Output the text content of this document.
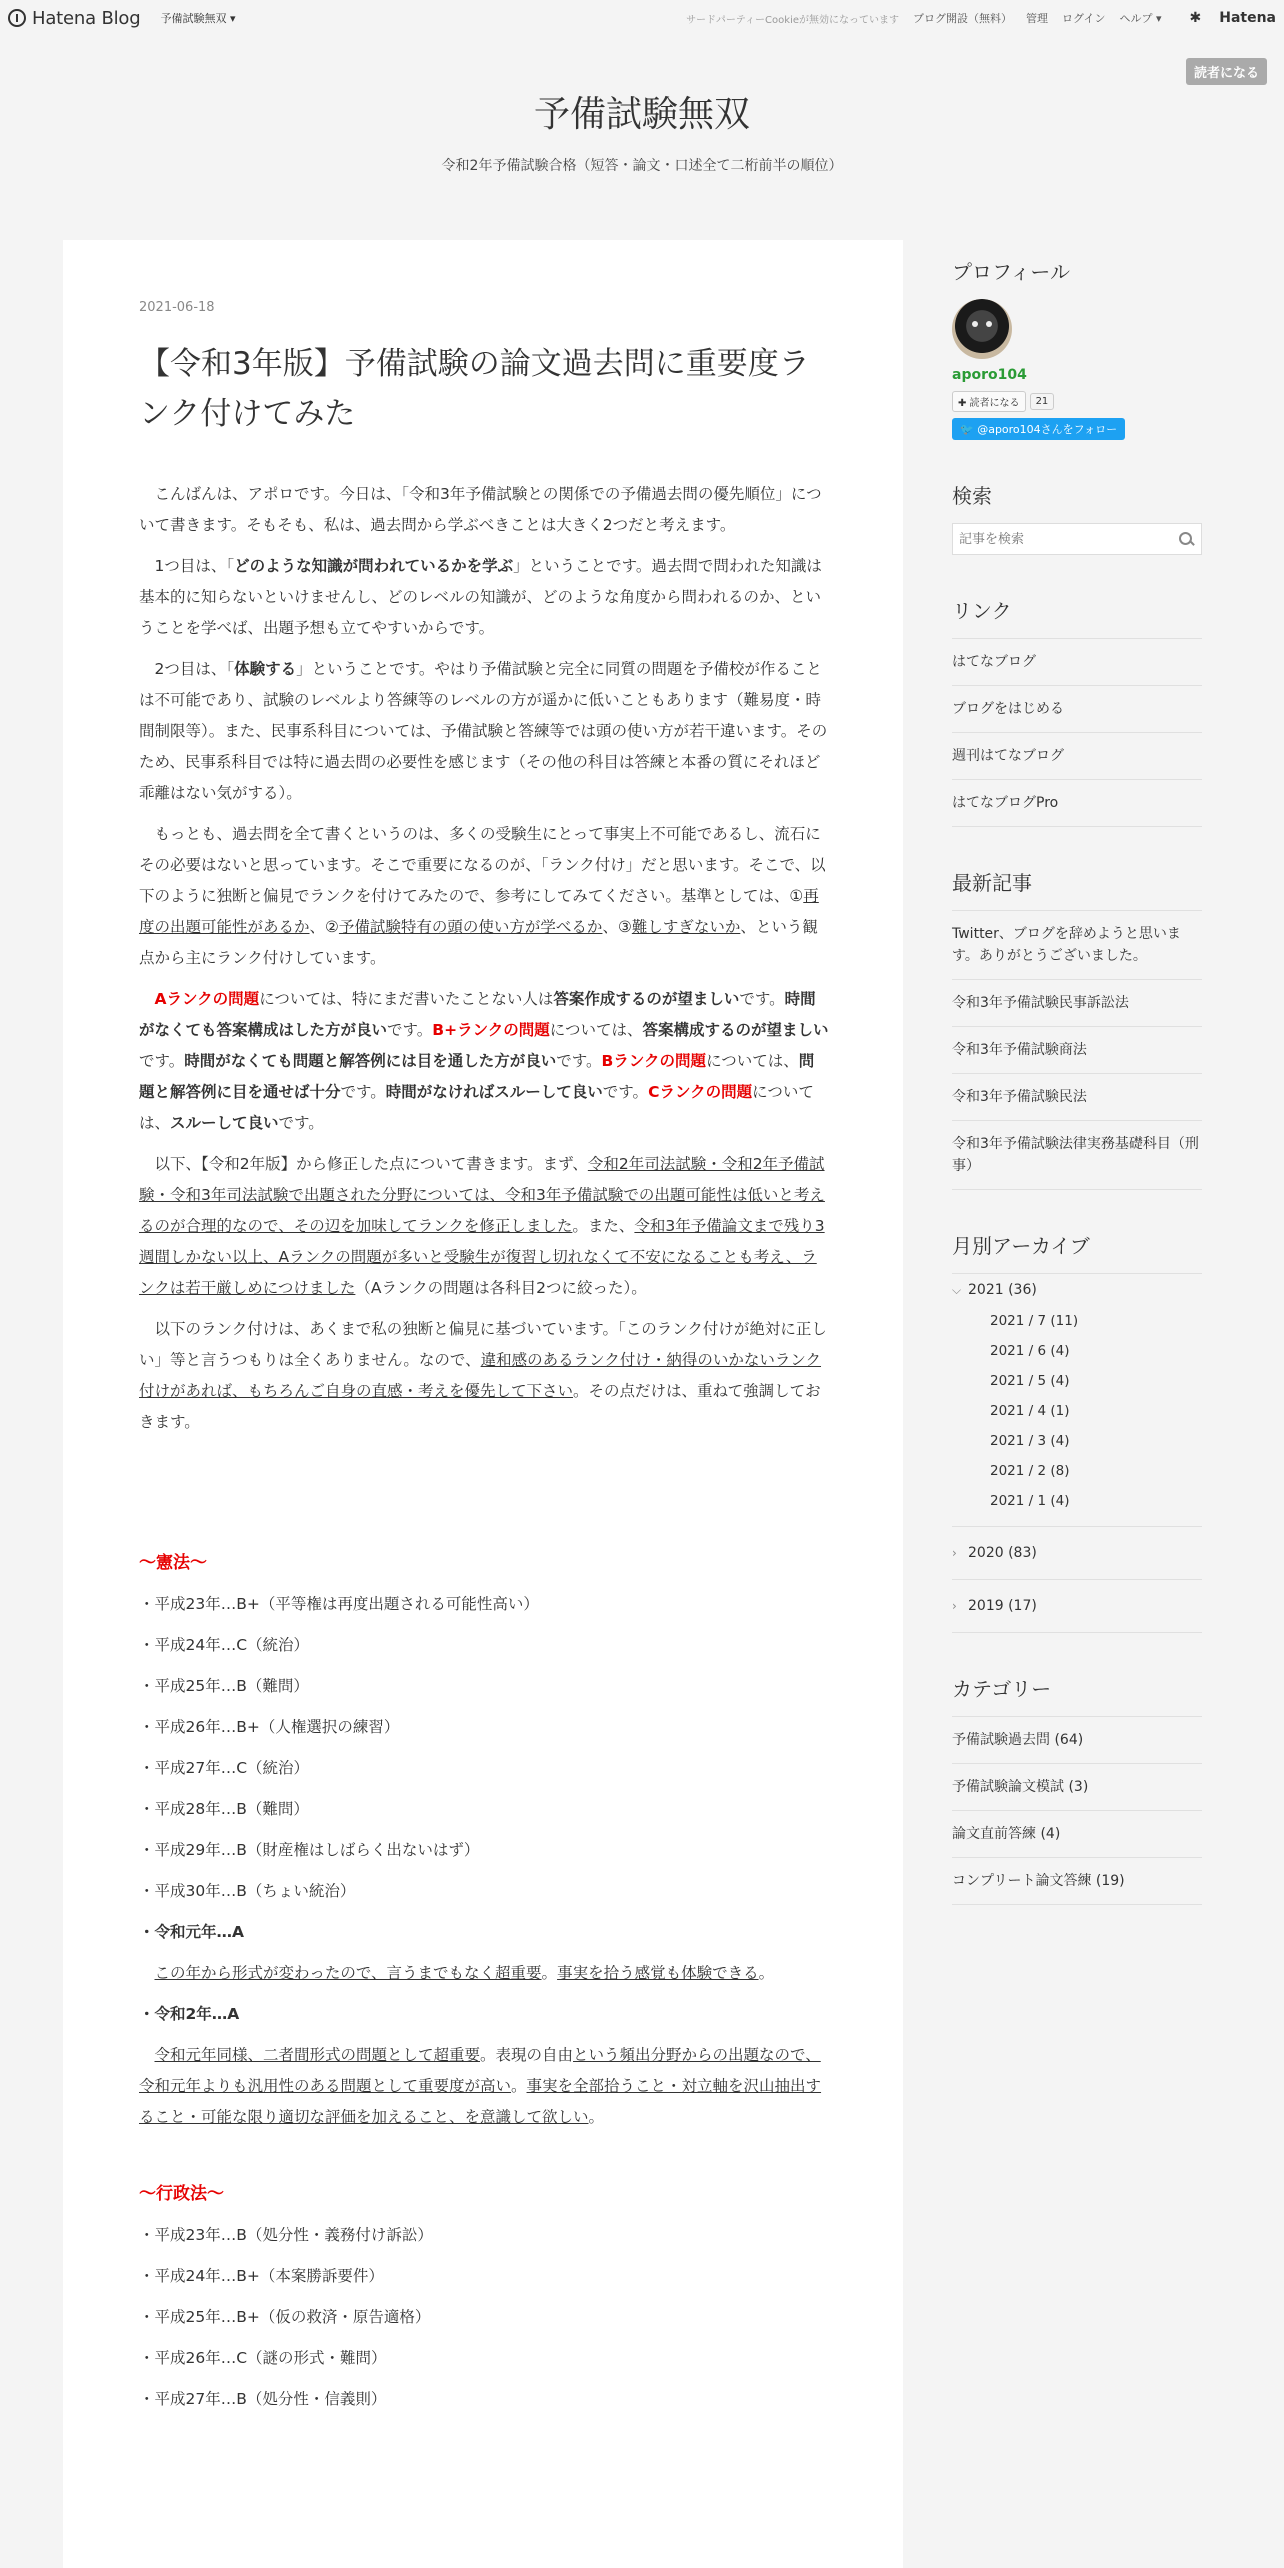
Hatena Blog 予備試験無双 ▾	サードパーティーCookieが無効になっています ブログ開設（無料） 管理 ログイン ヘルプ ▾ ✱ Hatena
読者になる
予備試験無双
令和2年予備試験合格（短答・論文・口述全て二桁前半の順位）
2021-06-18
【令和3年版】予備試験の論文過去問に重要度ランク付けてみた

こんばんは、アポロです。今日は、「令和3年予備試験との関係での予備過去問の優先順位」について書きます。そもそも、私は、過去問から学ぶべきことは大きく2つだと考えます。

1つ目は、「どのような知識が問われているかを学ぶ」ということです。過去問で問われた知識は基本的に知らないといけませんし、どのレベルの知識が、どのような角度から問われるのか、ということを学べば、出題予想も立てやすいからです。

2つ目は、「体験する」ということです。やはり予備試験と完全に同質の問題を予備校が作ることは不可能であり、試験のレベルより答練等のレベルの方が遥かに低いこともあります（難易度・時間制限等）。また、民事系科目については、予備試験と答練等では頭の使い方が若干違います。そのため、民事系科目では特に過去問の必要性を感じます（その他の科目は答練と本番の質にそれほど乖離はない気がする）。

もっとも、過去問を全て書くというのは、多くの受験生にとって事実上不可能であるし、流石にその必要はないと思っています。そこで重要になるのが、「ランク付け」だと思います。そこで、以下のように独断と偏見でランクを付けてみたので、参考にしてみてください。基準としては、①再度の出題可能性があるか、②予備試験特有の頭の使い方が学べるか、③難しすぎないか、という観点から主にランク付けしています。

Aランクの問題については、特にまだ書いたことない人は答案作成するのが望ましいです。時間がなくても答案構成はした方が良いです。B+ランクの問題については、答案構成するのが望ましいです。時間がなくても問題と解答例には目を通した方が良いです。Bランクの問題については、問題と解答例に目を通せば十分です。時間がなければスルーして良いです。Cランクの問題については、スルーして良いです。

以下、【令和2年版】から修正した点について書きます。まず、令和2年司法試験・令和2年予備試験・令和3年司法試験で出題された分野については、令和3年予備試験での出題可能性は低いと考えるのが合理的なので、その辺を加味してランクを修正しました。また、令和3年予備論文まで残り3週間しかない以上、Aランクの問題が多いと受験生が復習し切れなくて不安になることも考え、ランクは若干厳しめにつけました（Aランクの問題は各科目2つに絞った）。

以下のランク付けは、あくまで私の独断と偏見に基づいています。「このランク付けが絶対に正しい」等と言うつもりは全くありません。なので、違和感のあるランク付け・納得のいかないランク付けがあれば、もちろんご自身の直感・考えを優先して下さい。その点だけは、重ねて強調しておきます。

〜憲法〜

・平成23年…B+（平等権は再度出題される可能性高い）

・平成24年…C（統治）

・平成25年…B（難問）

・平成26年…B+（人権選択の練習）

・平成27年…C（統治）

・平成28年…B（難問）

・平成29年…B（財産権はしばらく出ないはず）

・平成30年…B（ちょい統治）

・令和元年…A

この年から形式が変わったので、言うまでもなく超重要。事実を拾う感覚も体験できる。

・令和2年…A

令和元年同様、二者間形式の問題として超重要。表現の自由という頻出分野からの出題なので、令和元年よりも汎用性のある問題として重要度が高い。事実を全部拾うこと・対立軸を沢山抽出すること・可能な限り適切な評価を加えること、を意識して欲しい。

〜行政法〜

・平成23年…B（処分性・義務付け訴訟）

・平成24年…B+（本案勝訴要件）

・平成25年…B+（仮の救済・原告適格）

・平成26年…C（謎の形式・難問）

・平成27年…B（処分性・信義則）

プロフィール
aporo104
✚ 読者になる	21
🐦 @aporo104さんをフォロー
検索
記事を検索
リンク
はてなブログ
ブログをはじめる
週刊はてなブログ
はてなブログPro
最新記事
Twitter、ブログを辞めようと思います。ありがとうございました。
令和3年予備試験民事訴訟法
令和3年予備試験商法
令和3年予備試験民法
令和3年予備試験法律実務基礎科目（刑事）
月別アーカイブ
⌵ 2021 (36)
2021 / 7 (11)
2021 / 6 (4)
2021 / 5 (4)
2021 / 4 (1)
2021 / 3 (4)
2021 / 2 (8)
2021 / 1 (4)
› 2020 (83)
› 2019 (17)
カテゴリー
予備試験過去問 (64)
予備試験論文模試 (3)
論文直前答練 (4)
コンプリート論文答練 (19)
